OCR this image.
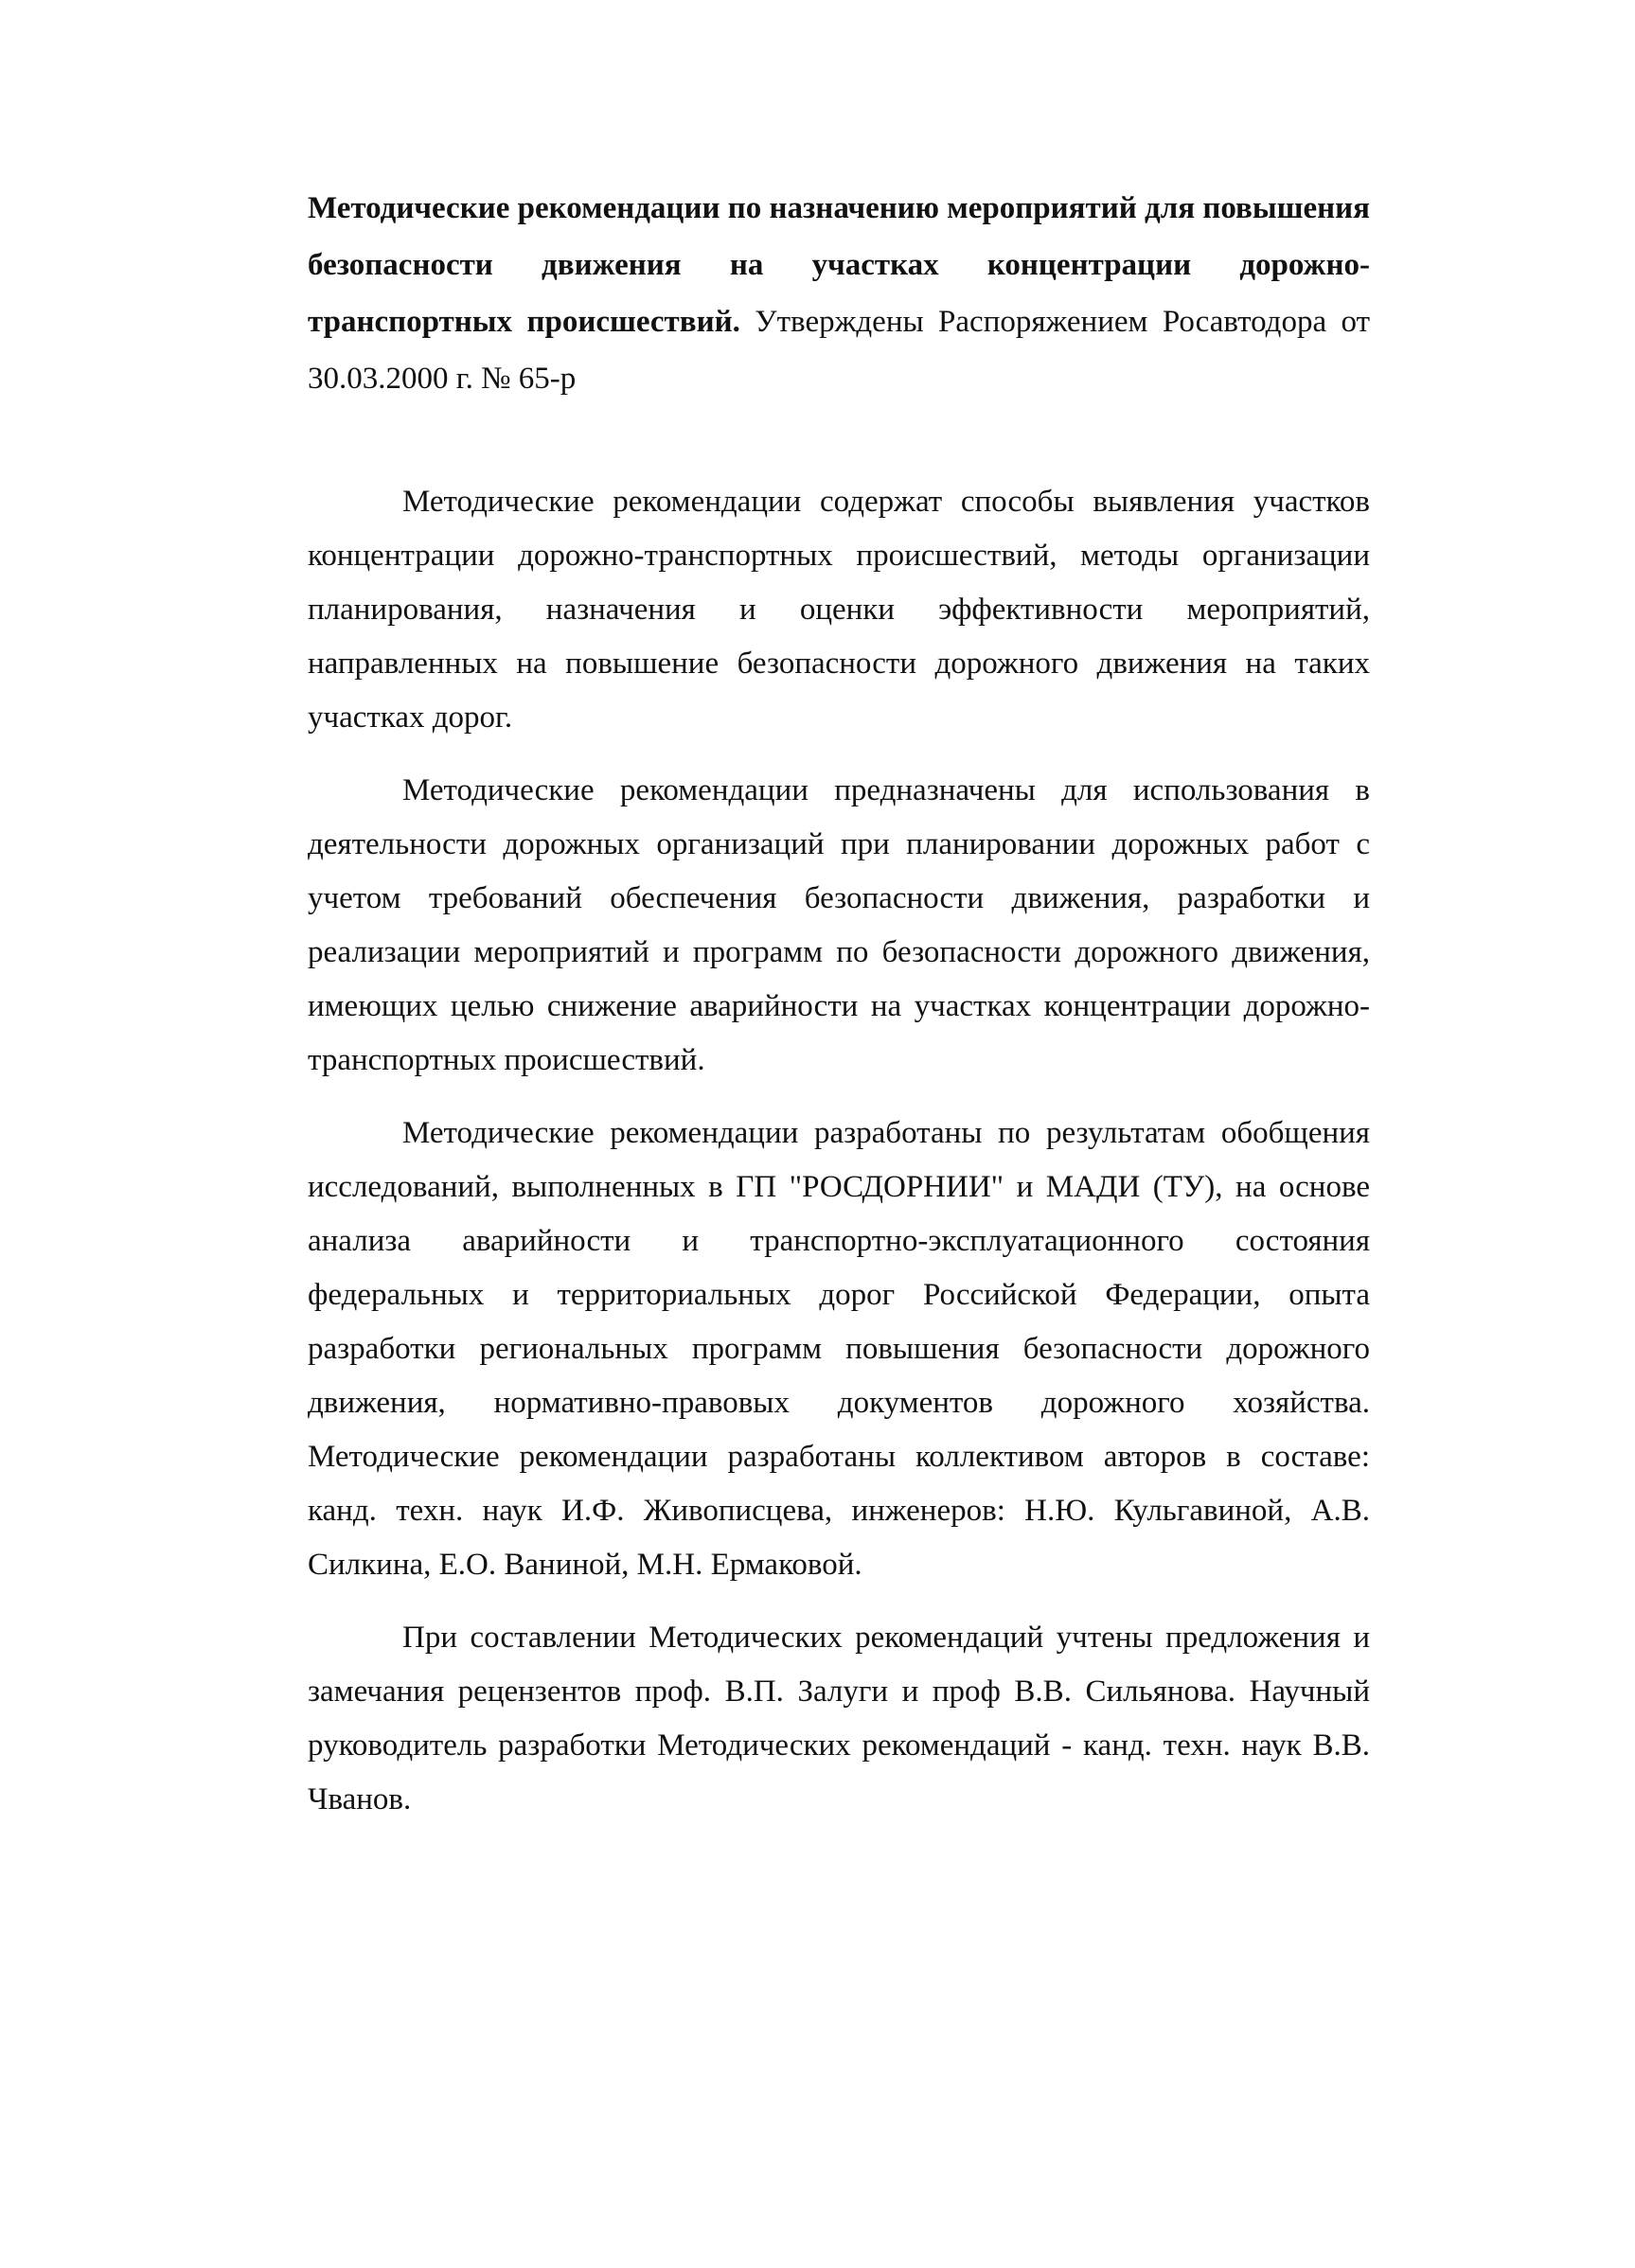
Методические рекомендации по назначению мероприятий для повышения безопасности движения на участках концентрации дорожно-транспортных происшествий. Утверждены Распоряжением Росавтодора от 30.03.2000 г. № 65-р

Методические рекомендации содержат способы выявления участков концентрации дорожно-транспортных происшествий, методы организации планирования, назначения и оценки эффективности мероприятий, направленных на повышение безопасности дорожного движения на таких участках дорог.

Методические рекомендации предназначены для использования в деятельности дорожных организаций при планировании дорожных работ с учетом требований обеспечения безопасности движения, разработки и реализации мероприятий и программ по безопасности дорожного движения, имеющих целью снижение аварийности на участках концентрации дорожно-транспортных происшествий.

Методические рекомендации разработаны по результатам обобщения исследований, выполненных в ГП "РОСДОРНИИ" и МАДИ (ТУ), на основе анализа аварийности и транспортно-эксплуатационного состояния федеральных и территориальных дорог Российской Федерации, опыта разработки региональных программ повышения безопасности дорожного движения, нормативно-правовых документов дорожного хозяйства. Методические рекомендации разработаны коллективом авторов в составе: канд. техн. наук И.Ф. Живописцева, инженеров: Н.Ю. Кульгавиной, А.В. Силкина, Е.О. Ваниной, М.Н. Ермаковой.

При составлении Методических рекомендаций учтены предложения и замечания рецензентов проф. В.П. Залуги и проф В.В. Сильянова. Научный руководитель разработки Методических рекомендаций - канд. техн. наук В.В. Чванов.
